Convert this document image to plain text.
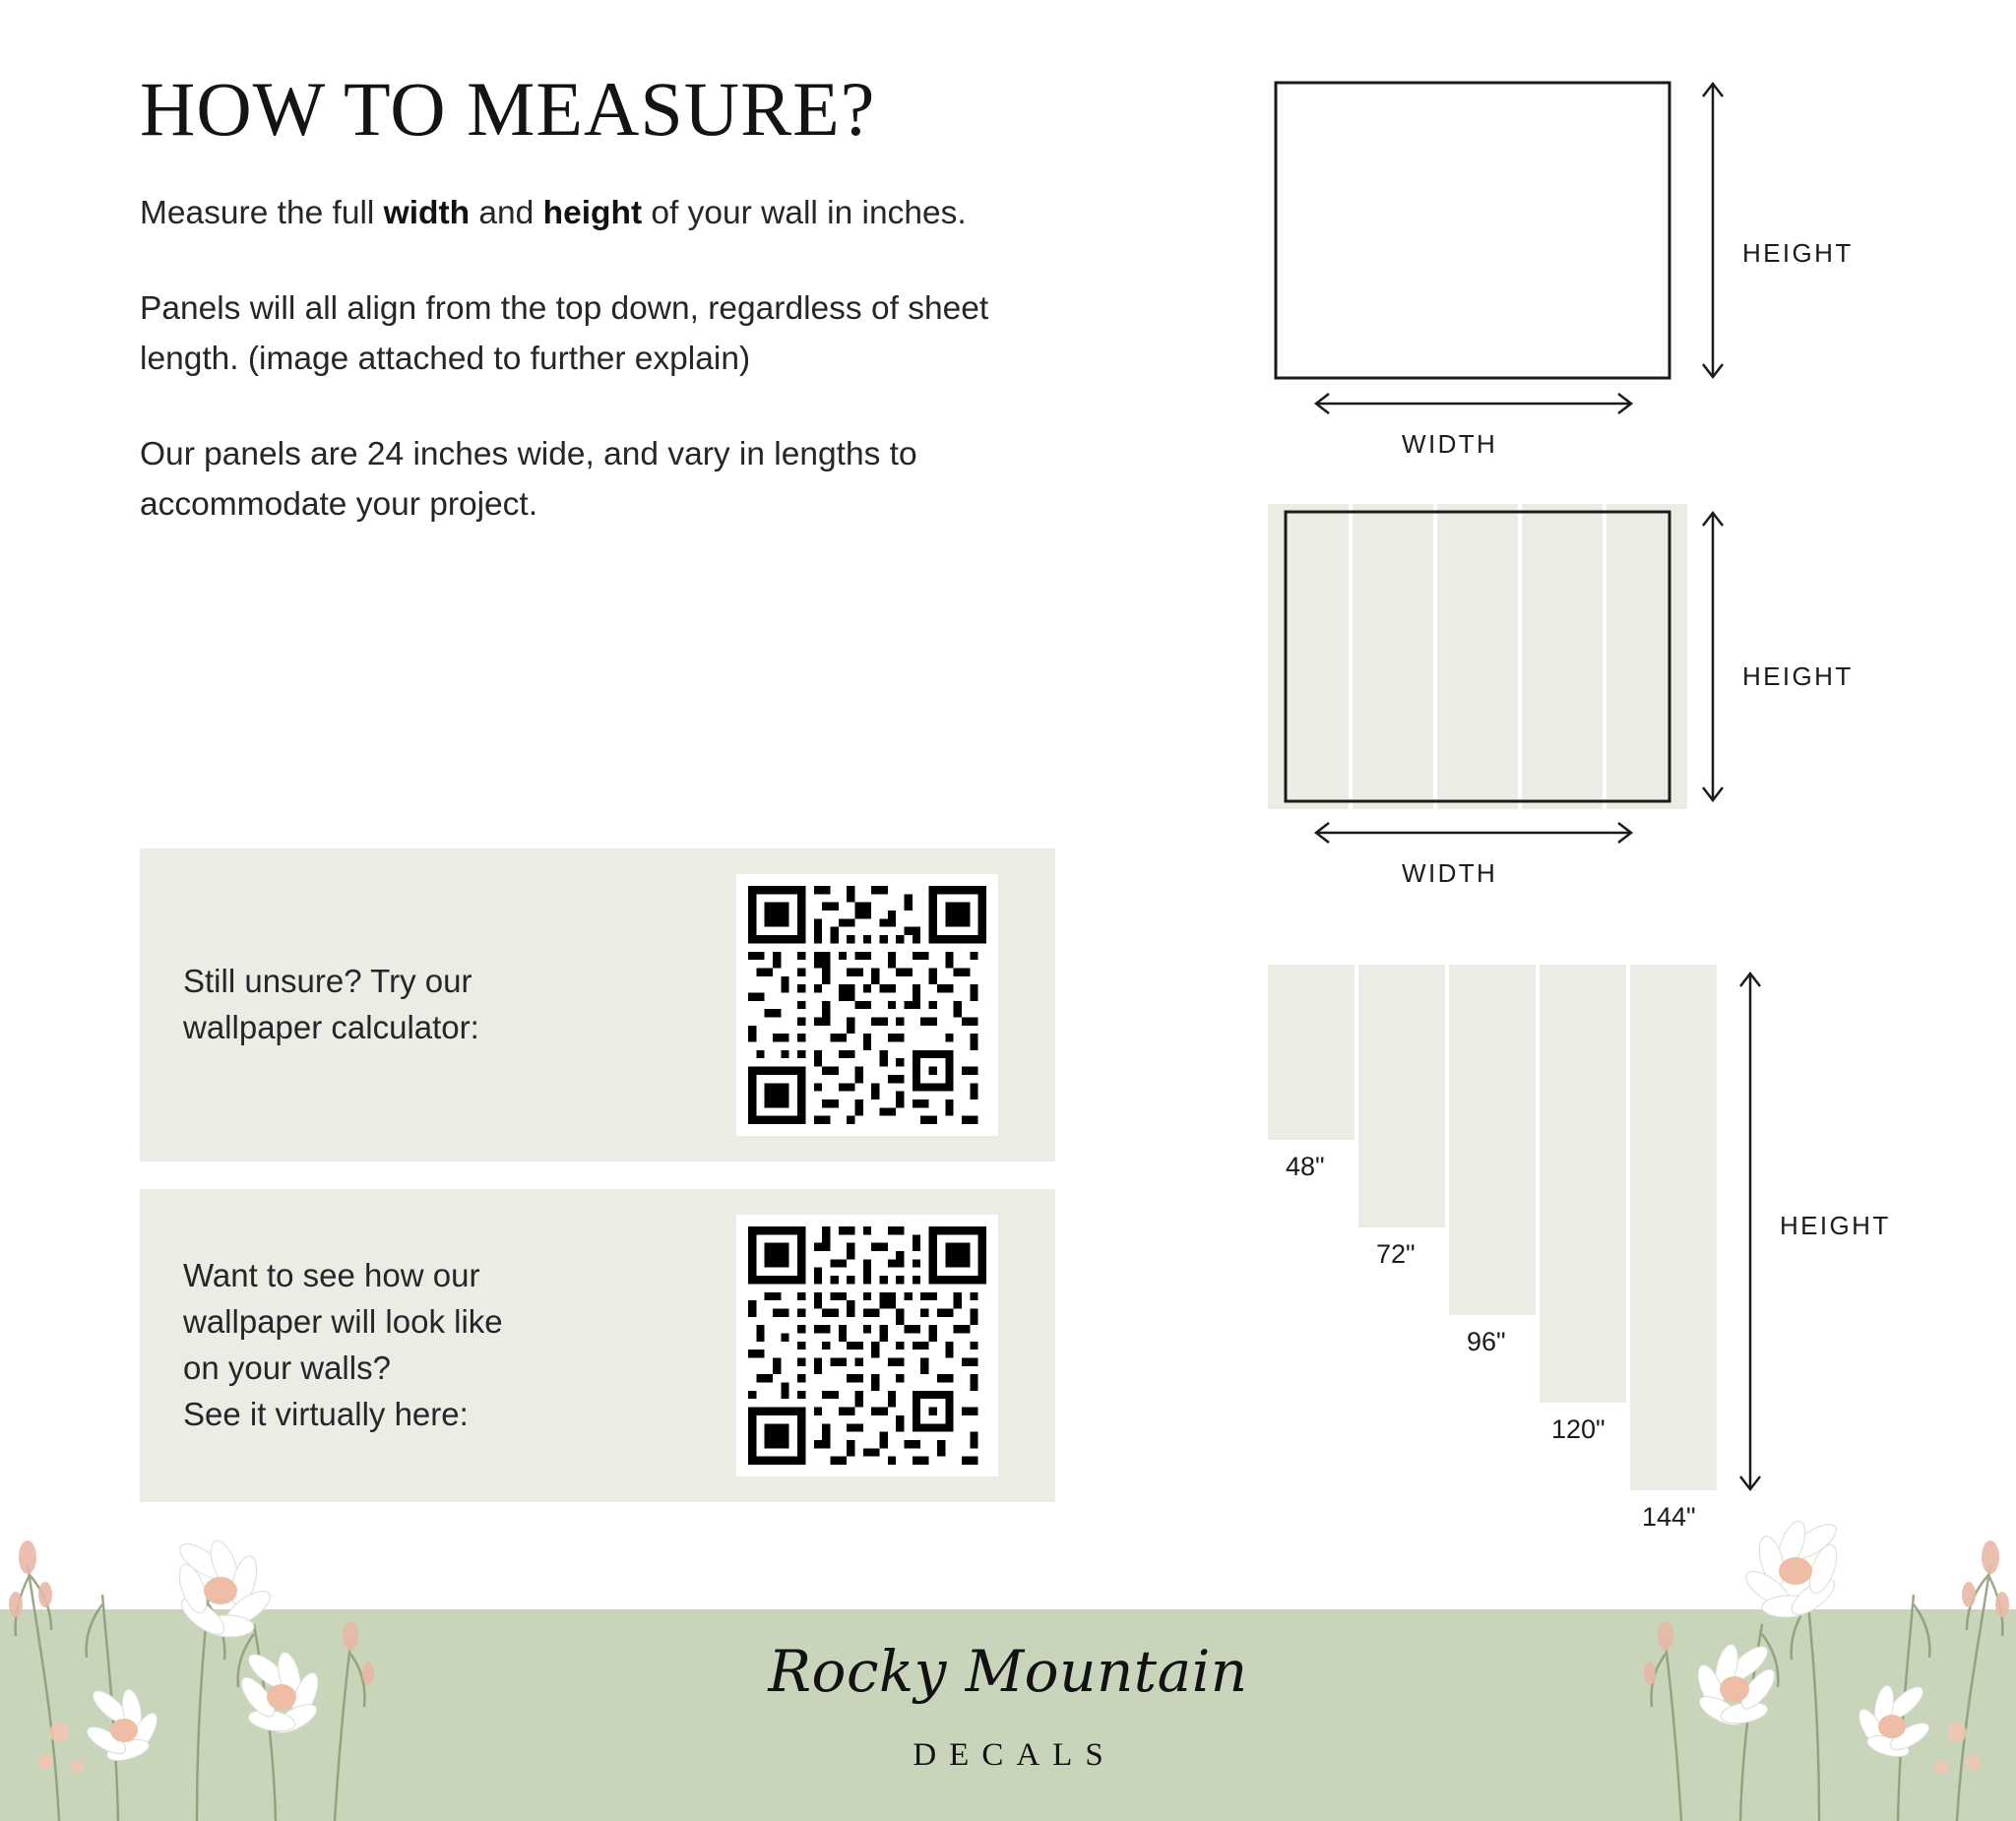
HOW TO MEASURE?

Measure the full width and height of your wall in inches.

Panels will all align from the top down, regardless of sheet length. (image attached to further explain)

Our panels are 24 inches wide, and vary in lengths to accommodate your project.

Still unsure? Try our
wallpaper calculator:
Want to see how our
wallpaper will look like
on your walls?
See it virtually here:
HEIGHT
WIDTH
HEIGHT
WIDTH
48"
72"
96"
120"
144"
HEIGHT
Rocky Mountain
DECALS
